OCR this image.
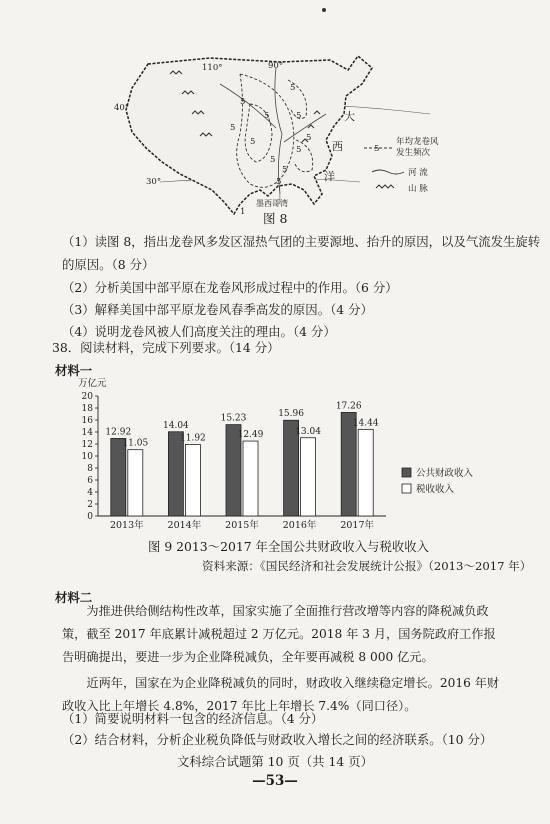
110°	90°
40°
30°
大
西
洋
墨西哥湾
5
5
5
5
5
5
5
5
5
5
5
1
5
年均龙卷风
发生频次
河 流
山 脉
图 8
（1）读图 8，指出龙卷风多发区湿热气团的主要源地、抬升的原因，以及气流发生旋转
的原因。（8 分）
（2）分析美国中部平原在龙卷风形成过程中的作用。（6 分）
（3）解释美国中部平原龙卷风春季高发的原因。（4 分）
（4）说明龙卷风被人们高度关注的理由。（4 分）
38．阅读材料，完成下列要求。（14 分）
材料一
万亿元
0
2
4
6
8
10
12
14
16
18
20
12.92
11.05
2013年
14.04
11.92
2014年
15.23
12.49
2015年
15.96
13.04
2016年
17.26
14.44
2017年
公共财政收入
税收收入
图 9 2013～2017 年全国公共财政收入与税收收入
资料来源：《国民经济和社会发展统计公报》（2013～2017 年）
材料二
为推进供给侧结构性改革，国家实施了全面推行营改增等内容的降税减负政策，截至 2017 年底累计减税超过 2 万亿元。2018 年 3 月，国务院政府工作报告明确提出，要进一步为企业降税减负，全年要再减税 8 000 亿元。
近两年，国家在为企业降税减负的同时，财政收入继续稳定增长。2016 年财政收入比上年增长 4.8%，2017 年比上年增长 7.4%（同口径）。
（1）简要说明材料一包含的经济信息。（4 分）
（2）结合材料，分析企业税负降低与财政收入增长之间的经济联系。（10 分）
文科综合试题第 10 页（共 14 页）
—53—
